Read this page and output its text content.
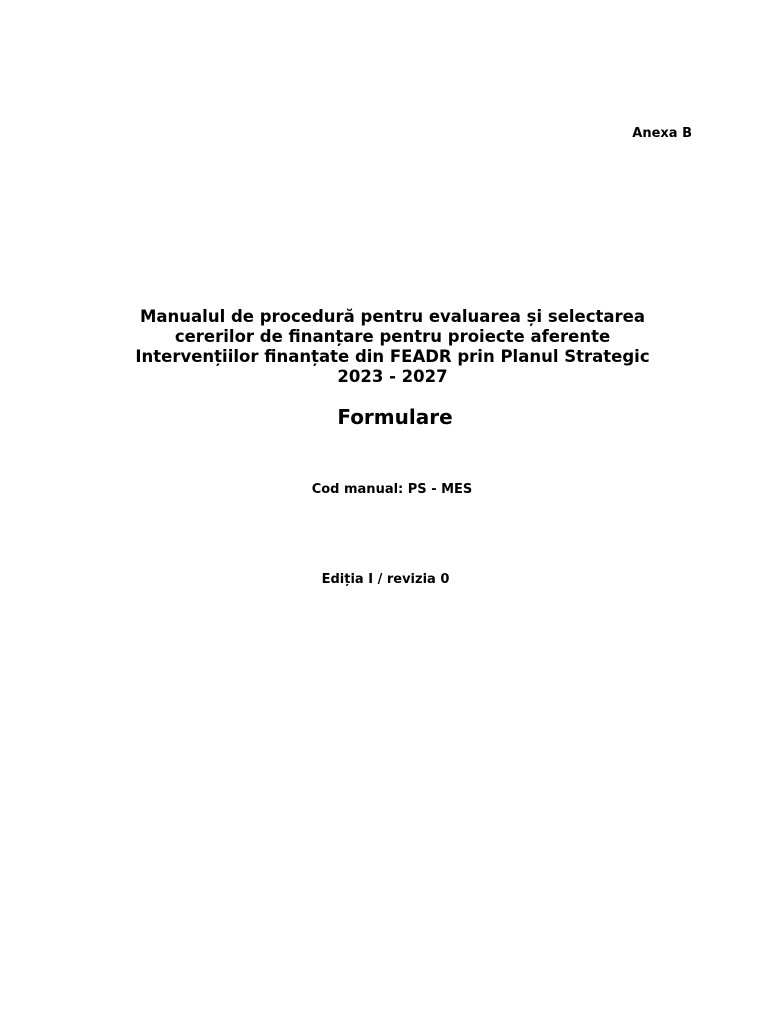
Anexa B
Manualul de procedură pentru evaluarea și selectarea
cererilor de finanțare pentru proiecte aferente
Intervențiilor finanțate din FEADR prin Planul Strategic
2023 - 2027
Formulare
Cod manual: PS - MES
Ediția I / revizia 0
